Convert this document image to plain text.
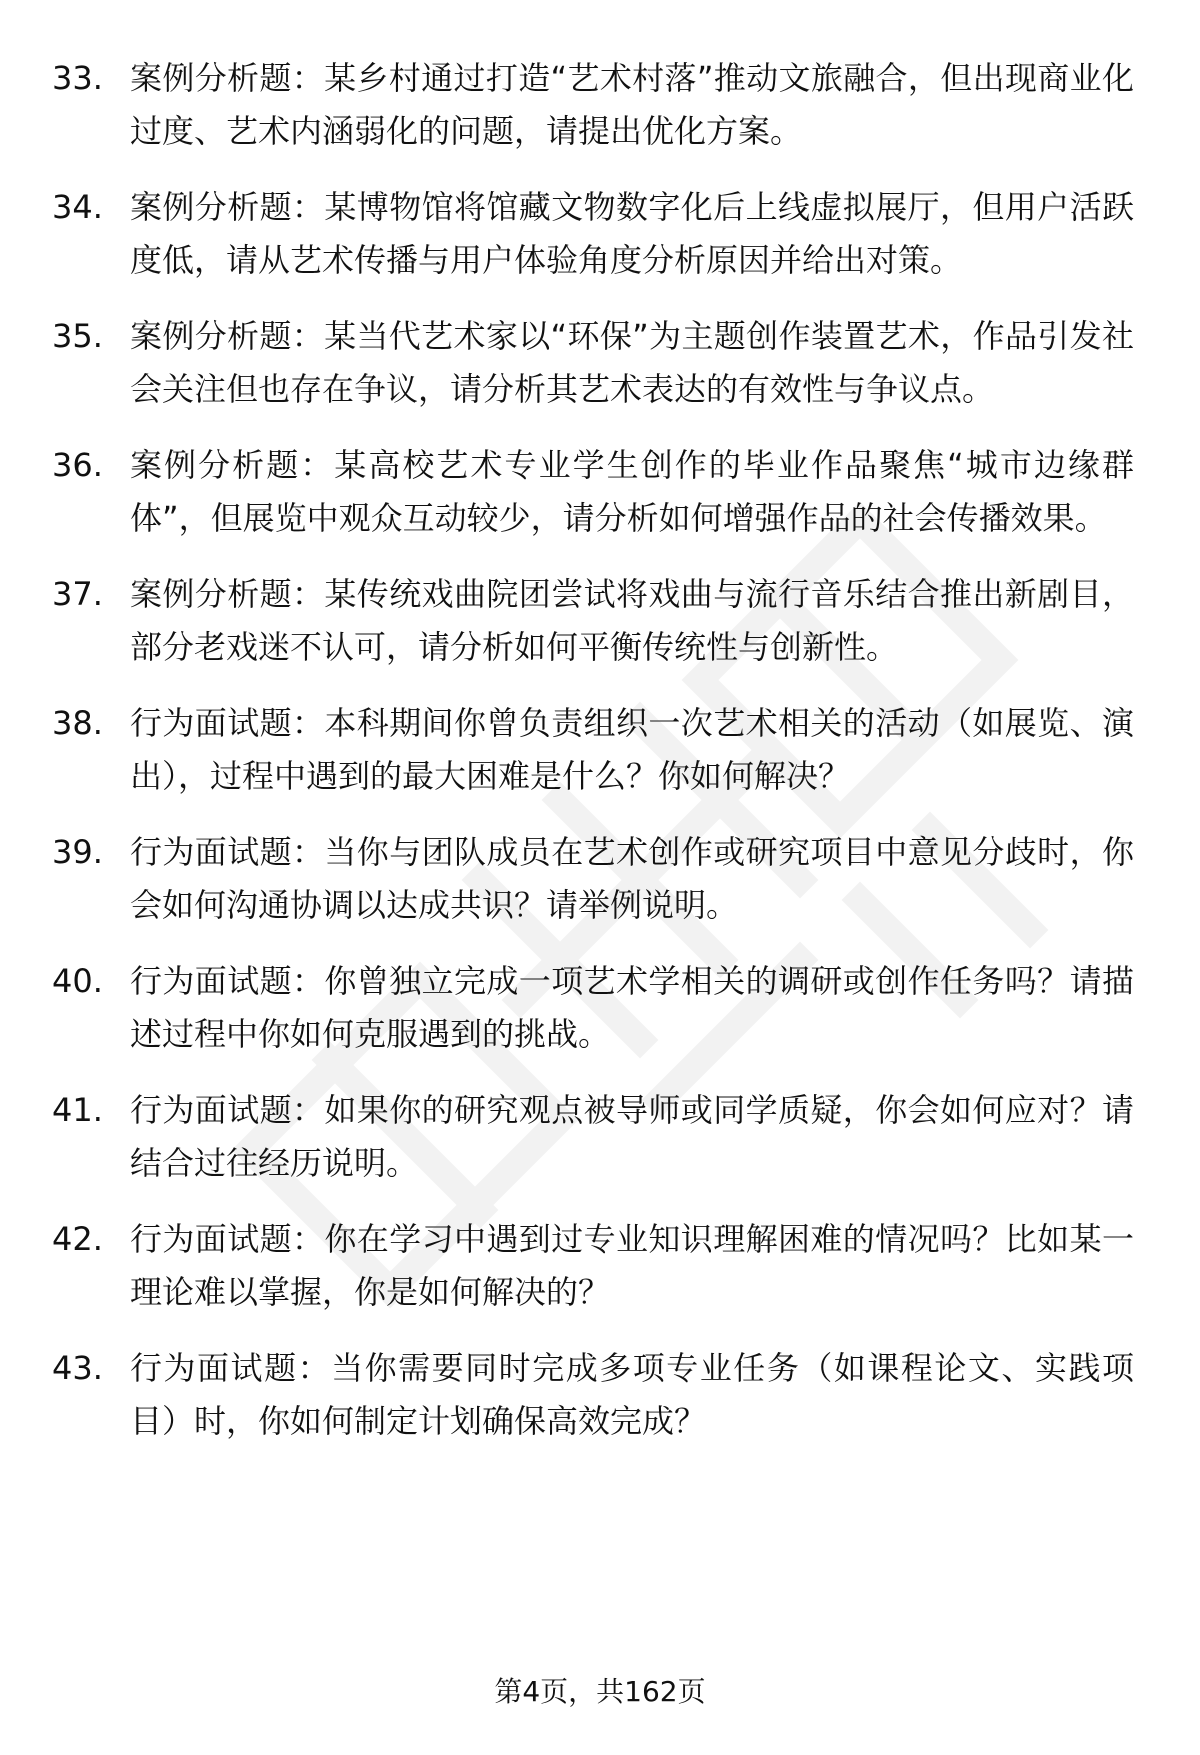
33. 案例分析题：某乡村通过打造“艺术村落”推动文旅融合，但出现商业化过度、艺术内涵弱化的问题，请提出优化方案。
34. 案例分析题：某博物馆将馆藏文物数字化后上线虚拟展厅，但用户活跃度低，请从艺术传播与用户体验角度分析原因并给出对策。
35. 案例分析题：某当代艺术家以“环保”为主题创作装置艺术，作品引发社会关注但也存在争议，请分析其艺术表达的有效性与争议点。
36. 案例分析题：某高校艺术专业学生创作的毕业作品聚焦“城市边缘群体”，但展览中观众互动较少，请分析如何增强作品的社会传播效果。
37. 案例分析题：某传统戏曲院团尝试将戏曲与流行音乐结合推出新剧目，部分老戏迷不认可，请分析如何平衡传统性与创新性。
38. 行为面试题：本科期间你曾负责组织一次艺术相关的活动（如展览、演出），过程中遇到的最大困难是什么？你如何解决？
39. 行为面试题：当你与团队成员在艺术创作或研究项目中意见分歧时，你会如何沟通协调以达成共识？请举例说明。
40. 行为面试题：你曾独立完成一项艺术学相关的调研或创作任务吗？请描述过程中你如何克服遇到的挑战。
41. 行为面试题：如果你的研究观点被导师或同学质疑，你会如何应对？请结合过往经历说明。
42. 行为面试题：你在学习中遇到过专业知识理解困难的情况吗？比如某一理论难以掌握，你是如何解决的？
43. 行为面试题：当你需要同时完成多项专业任务（如课程论文、实践项目）时，你如何制定计划确保高效完成？
第4页，共162页
